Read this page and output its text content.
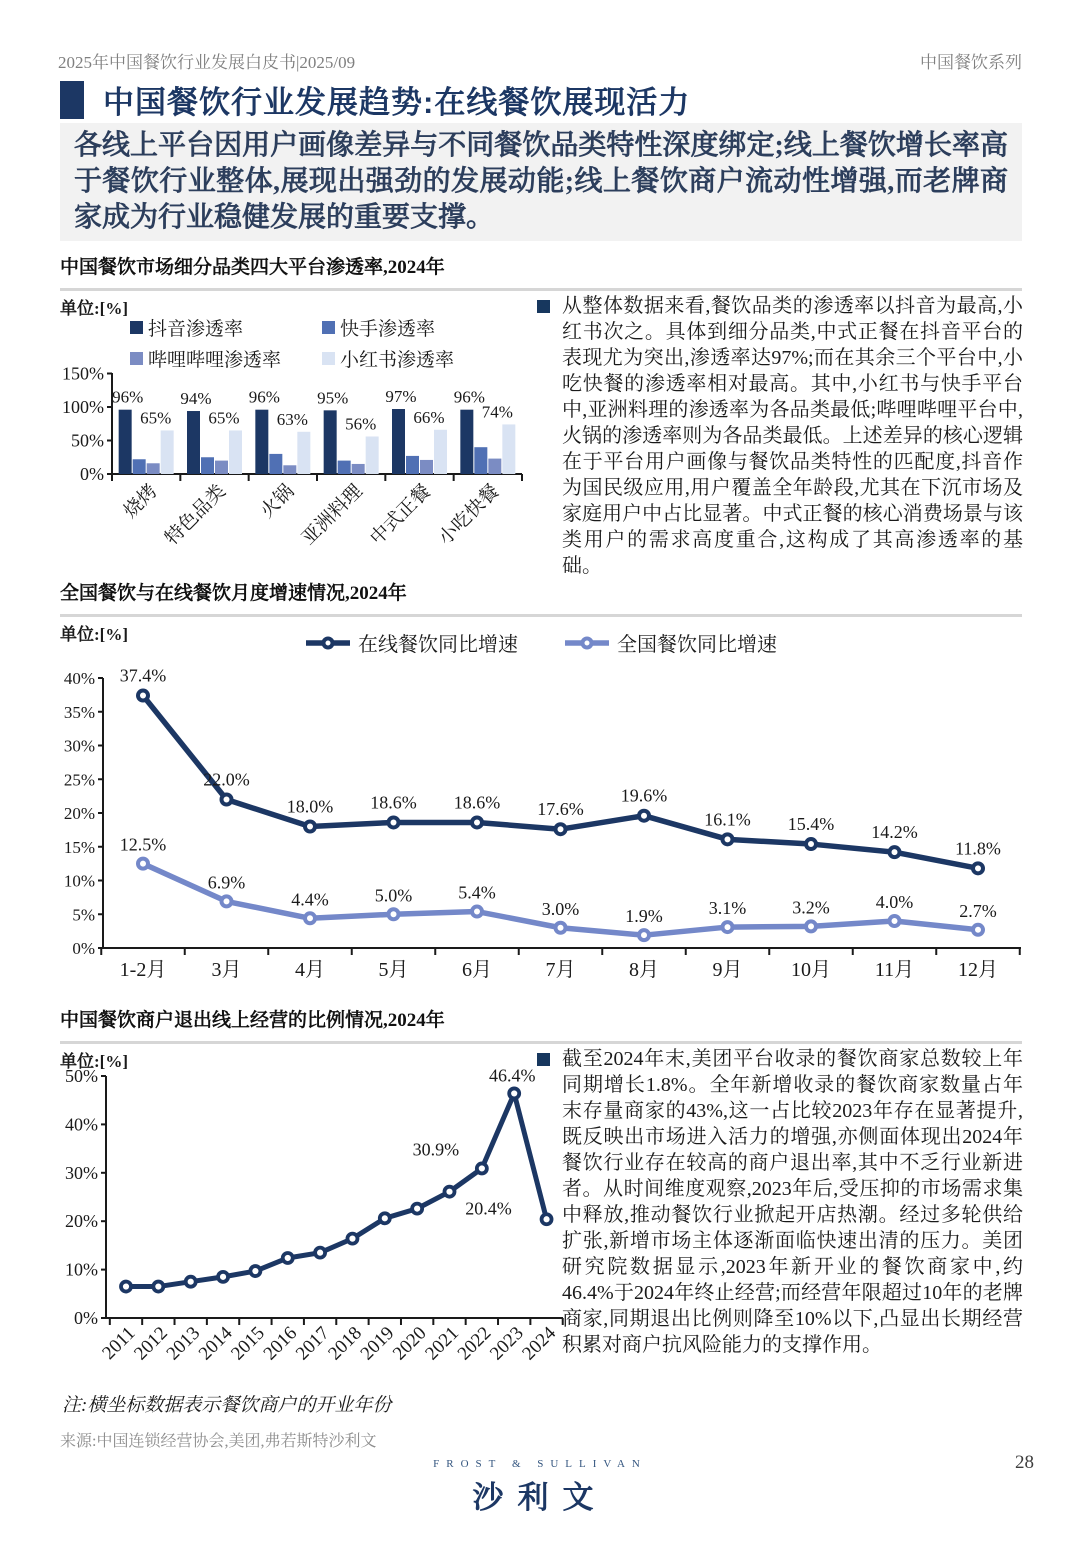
2025年中国餐饮行业发展白皮书|2025/09	中国餐饮系列
中国餐饮行业发展趋势:在线餐饮展现活力
各线上平台因用户画像差异与不同餐饮品类特性深度绑定;线上餐饮增长率高于餐饮行业整体,展现出强劲的发展动能;线上餐饮商户流动性增强,而老牌商家成为行业稳健发展的重要支撑。
中国餐饮市场细分品类四大平台渗透率,2024年
单位:[%]
抖音渗透率	快手渗透率
哔哩哔哩渗透率	小红书渗透率
0%
50%
100%
150%
烧烤 特色品类 火锅 亚洲料理 中式正餐 小吃快餐
96% 94% 96% 95% 97% 96%
65% 65% 63% 56% 66% 74%
从整体数据来看,餐饮品类的渗透率以抖音为最高,小红书次之。具体到细分品类,中式正餐在抖音平台的表现尤为突出,渗透率达97%;而在其余三个平台中,小吃快餐的渗透率相对最高。其中,小红书与快手平台中,亚洲料理的渗透率为各品类最低;哔哩哔哩平台中,火锅的渗透率则为各品类最低。上述差异的核心逻辑在于平台用户画像与餐饮品类特性的匹配度,抖音作为国民级应用,用户覆盖全年龄段,尤其在下沉市场及家庭用户中占比显著。中式正餐的核心消费场景与该类用户的需求高度重合,这构成了其高渗透率的基础。
全国餐饮与在线餐饮月度增速情况,2024年
单位:[%]	在线餐饮同比增速	全国餐饮同比增速
0%
5%
10%
15%
20%
25%
30%
35%
40%
1-2月 3月	4月	5月	6月	7月	8月	9月 10月 11月 12月
37.4%
22.0%
18.0% 18.6% 18.6% 17.6%
19.6%
16.1% 15.4% 14.2%
11.8%
12.5%
6.9%
4.4%	5.0%	5.4%
3.0%	1.9%	3.1%	3.2%	4.0%	2.7%
中国餐饮商户退出线上经营的比例情况,2024年
单位:[%]
0%
10%
20%
30%
40%
50%
2011
2012
2013
2014
2015
2016
2017
2018
2019
2020
2021
2022
2023
2024
30.9%
46.4%
20.4%
截至2024年末,美团平台收录的餐饮商家总数较上年同期增长1.8%。全年新增收录的餐饮商家数量占年末存量商家的43%,这一占比较2023年存在显著提升,既反映出市场进入活力的增强,亦侧面体现出2024年餐饮行业存在较高的商户退出率,其中不乏行业新进者。从时间维度观察,2023年后,受压抑的市场需求集中释放,推动餐饮行业掀起开店热潮。经过多轮供给扩张,新增市场主体逐渐面临快速出清的压力。美团研究院数据显示,2023年新开业的餐饮商家中,约46.4%于2024年终止经营;而经营年限超过10年的老牌商家,同期退出比例则降至10%以下,凸显出长期经营积累对商户抗风险能力的支撑作用。
注:横坐标数据表示餐饮商户的开业年份
来源:中国连锁经营协会,美团,弗若斯特沙利文
FROST & SULLIVAN
沙利文
28
